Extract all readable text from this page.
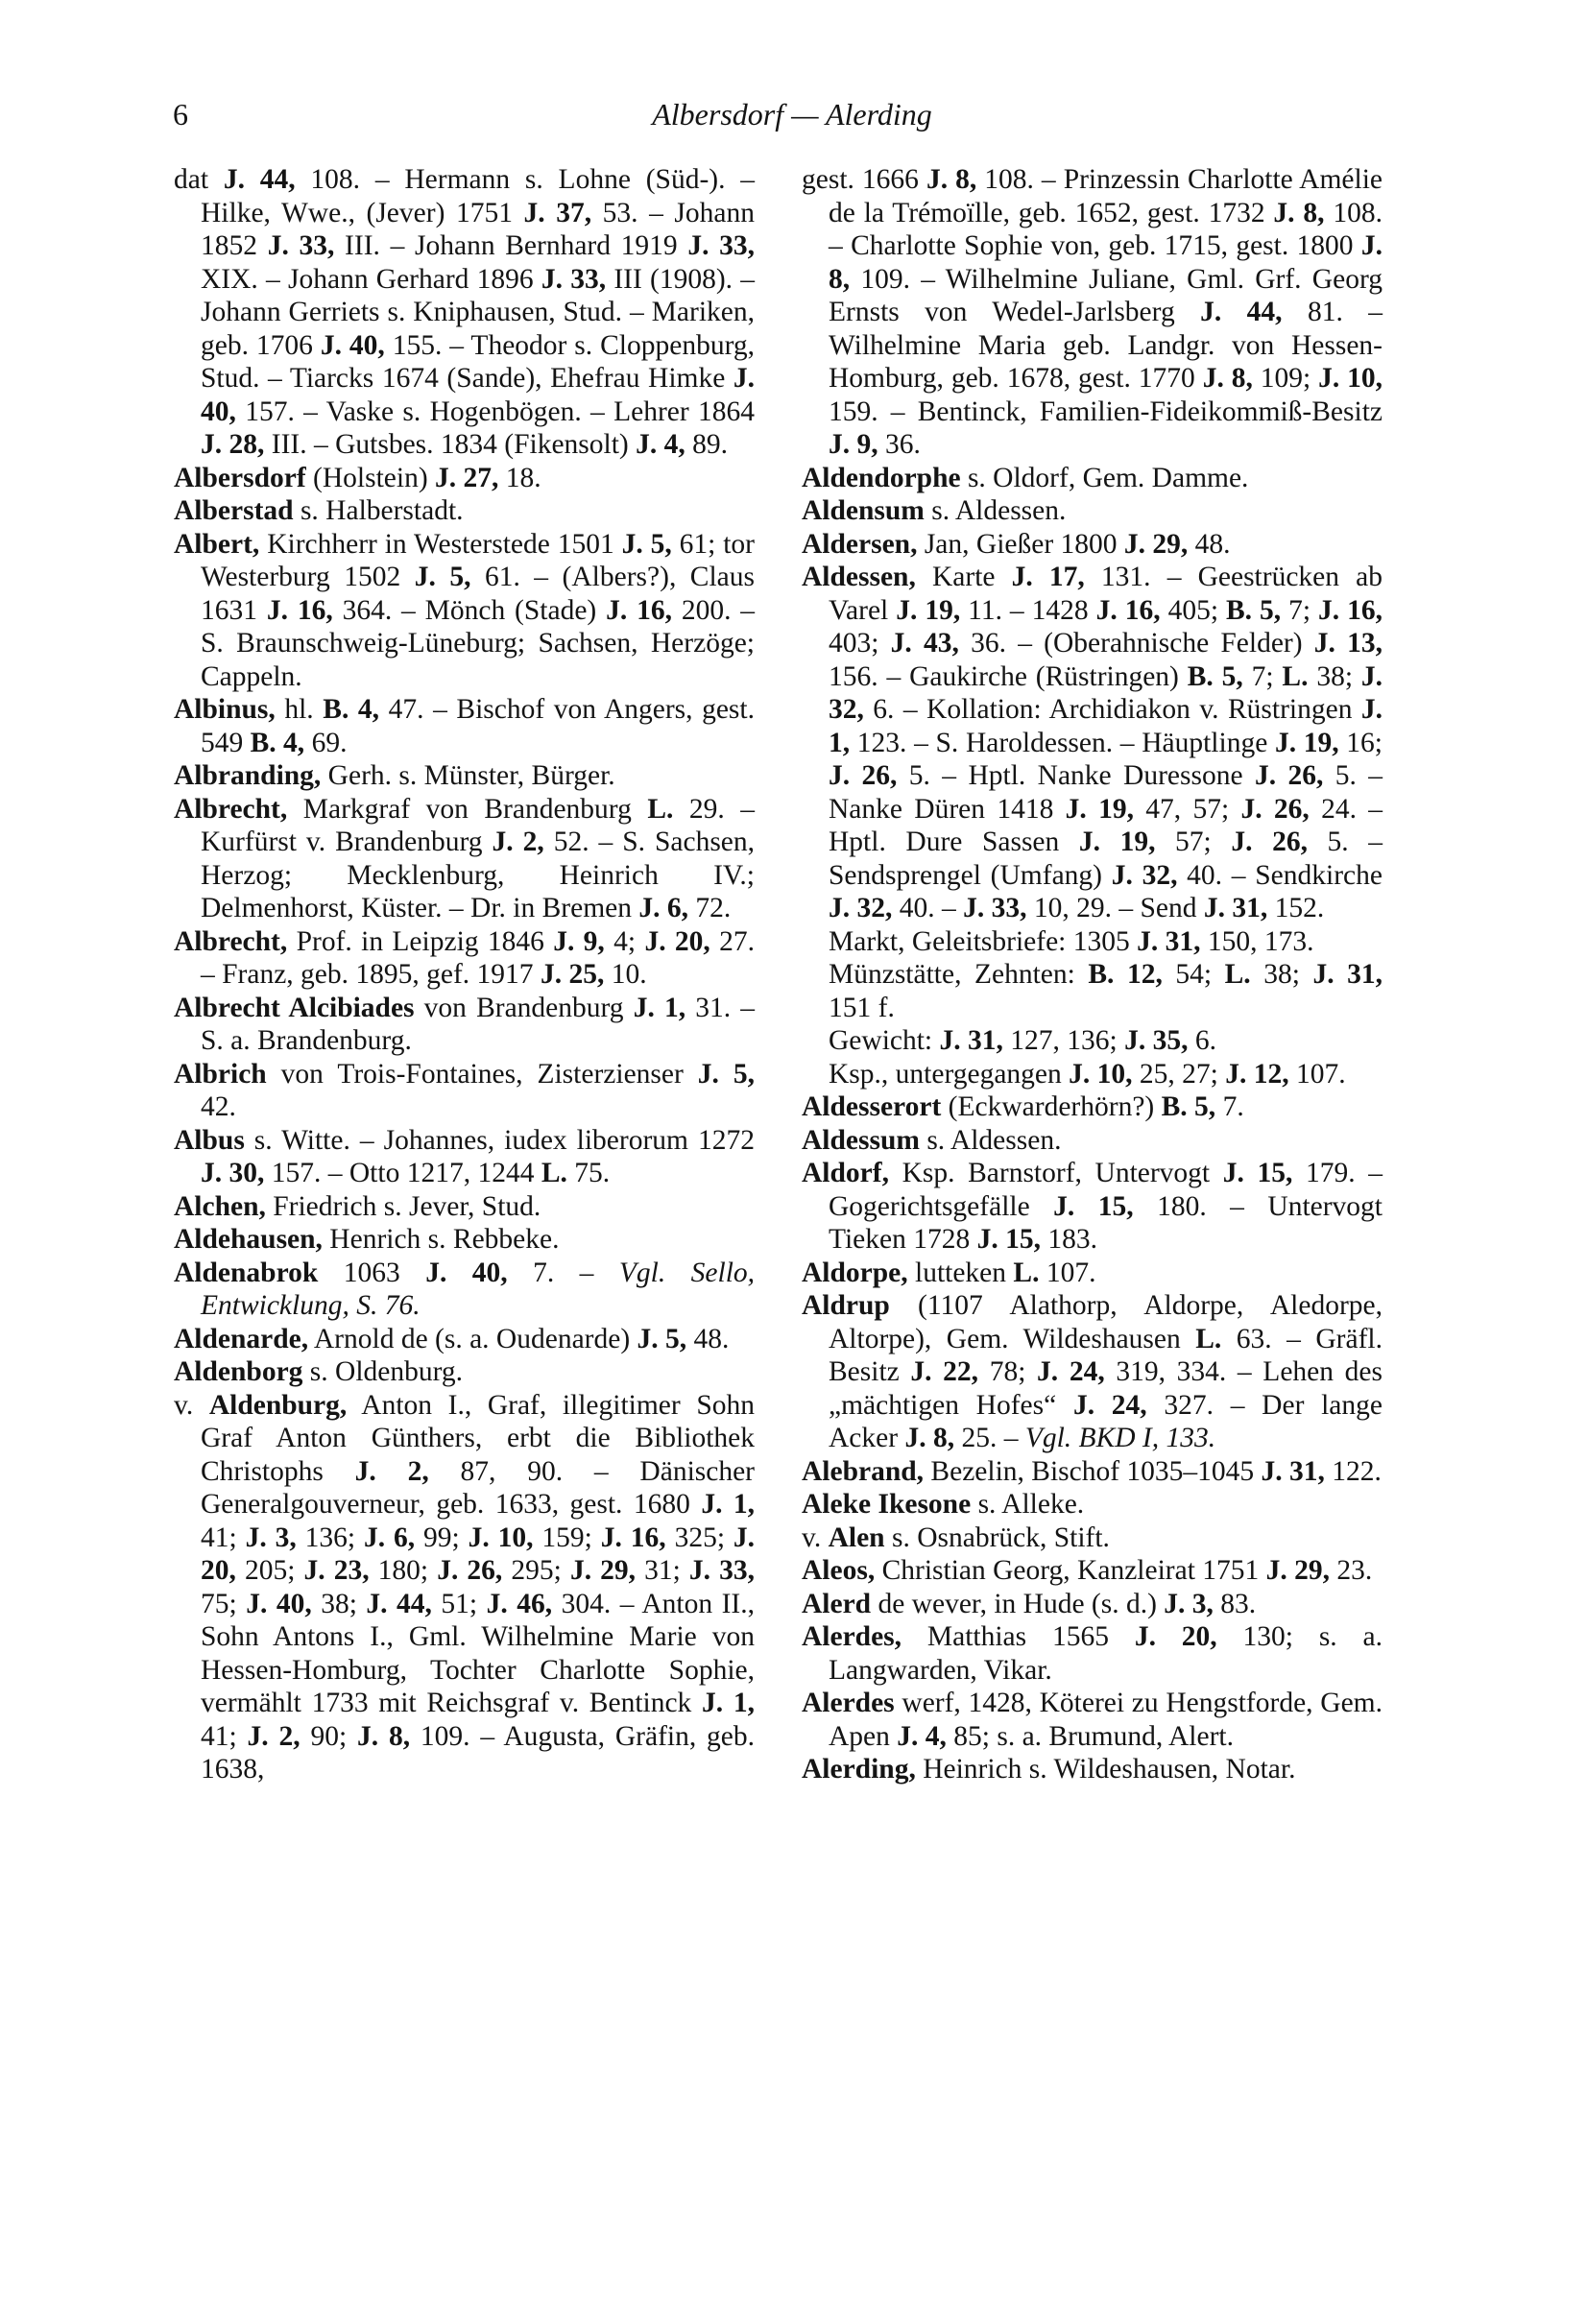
6	Albersdorf — Alerding
dat J. 44, 108. – Hermann s. Lohne (Süd-). – Hilke, Wwe., (Jever) 1751 J. 37, 53. – Johann 1852 J. 33, III. – Johann Bernhard 1919 J. 33, XIX. – Johann Gerhard 1896 J. 33, III (1908). – Johann Gerriets s. Kniphausen, Stud. – Mariken, geb. 1706 J. 40, 155. – Theodor s. Cloppenburg, Stud. – Tiarcks 1674 (Sande), Ehefrau Himke J. 40, 157. – Vaske s. Hogenbögen. – Lehrer 1864 J. 28, III. – Gutsbes. 1834 (Fikensolt) J. 4, 89.
Albersdorf (Holstein) J. 27, 18.
Alberstad s. Halberstadt.
Albert, Kirchherr in Westerstede 1501 J. 5, 61; tor Westerburg 1502 J. 5, 61. – (Albers?), Claus 1631 J. 16, 364. – Mönch (Stade) J. 16, 200. – S. Braunschweig-Lüneburg; Sachsen, Herzöge; Cappeln.
Albinus, hl. B. 4, 47. – Bischof von Angers, gest. 549 B. 4, 69.
Albranding, Gerh. s. Münster, Bürger.
Albrecht, Markgraf von Brandenburg L. 29. – Kurfürst v. Brandenburg J. 2, 52. – S. Sachsen, Herzog; Mecklenburg, Heinrich IV.; Delmenhorst, Küster. – Dr. in Bremen J. 6, 72.
Albrecht, Prof. in Leipzig 1846 J. 9, 4; J. 20, 27. – Franz, geb. 1895, gef. 1917 J. 25, 10.
Albrecht Alcibiades von Brandenburg J. 1, 31. – S. a. Brandenburg.
Albrich von Trois-Fontaines, Zisterzienser J. 5, 42.
Albus s. Witte. – Johannes, iudex liberorum 1272 J. 30, 157. – Otto 1217, 1244 L. 75.
Alchen, Friedrich s. Jever, Stud.
Aldehausen, Henrich s. Rebbeke.
Aldenabrok 1063 J. 40, 7. – Vgl. Sello, Entwicklung, S. 76.
Aldenarde, Arnold de (s. a. Oudenarde) J. 5, 48.
Aldenborg s. Oldenburg.
v. Aldenburg, Anton I., Graf, illegitimer Sohn Graf Anton Günthers, erbt die Bibliothek Christophs J. 2, 87, 90. – Dänischer Generalgouverneur, geb. 1633, gest. 1680 J. 1, 41; J. 3, 136; J. 6, 99; J. 10, 159; J. 16, 325; J. 20, 205; J. 23, 180; J. 26, 295; J. 29, 31; J. 33, 75; J. 40, 38; J. 44, 51; J. 46, 304. – Anton II., Sohn Antons I., Gml. Wilhelmine Marie von Hessen-Homburg, Tochter Charlotte Sophie, vermählt 1733 mit Reichsgraf v. Bentinck J. 1, 41; J. 2, 90; J. 8, 109. – Augusta, Gräfin, geb. 1638,
gest. 1666 J. 8, 108. – Prinzessin Charlotte Amélie de la Trémoïlle, geb. 1652, gest. 1732 J. 8, 108. – Charlotte Sophie von, geb. 1715, gest. 1800 J. 8, 109. – Wilhelmine Juliane, Gml. Grf. Georg Ernsts von Wedel-Jarlsberg J. 44, 81. – Wilhelmine Maria geb. Landgr. von Hessen-Homburg, geb. 1678, gest. 1770 J. 8, 109; J. 10, 159. – Bentinck, Familien-Fideikommiß-Besitz J. 9, 36.
Aldendorphe s. Oldorf, Gem. Damme.
Aldensum s. Aldessen.
Aldersen, Jan, Gießer 1800 J. 29, 48.
Aldessen, Karte J. 17, 131. – Geestrücken ab Varel J. 19, 11. – 1428 J. 16, 405; B. 5, 7; J. 16, 403; J. 43, 36. – (Oberahnische Felder) J. 13, 156. – Gaukirche (Rüstringen) B. 5, 7; L. 38; J. 32, 6. – Kollation: Archidiakon v. Rüstringen J. 1, 123. – S. Haroldessen. – Häuptlinge J. 19, 16; J. 26, 5. – Hptl. Nanke Duressone J. 26, 5. – Nanke Düren 1418 J. 19, 47, 57; J. 26, 24. – Hptl. Dure Sassen J. 19, 57; J. 26, 5. – Sendsprengel (Umfang) J. 32, 40. – Sendkirche J. 32, 40. – J. 33, 10, 29. – Send J. 31, 152.
Markt, Geleitsbriefe: 1305 J. 31, 150, 173.
Münzstätte, Zehnten: B. 12, 54; L. 38; J. 31, 151 f.
Gewicht: J. 31, 127, 136; J. 35, 6.
Ksp., untergegangen J. 10, 25, 27; J. 12, 107.
Aldesserort (Eckwarderhörn?) B. 5, 7.
Aldessum s. Aldessen.
Aldorf, Ksp. Barnstorf, Untervogt J. 15, 179. – Gogerichtsgefälle J. 15, 180. – Untervogt Tieken 1728 J. 15, 183.
Aldorpe, lutteken L. 107.
Aldrup (1107 Alathorp, Aldorpe, Aledorpe, Altorpe), Gem. Wildeshausen L. 63. – Gräfl. Besitz J. 22, 78; J. 24, 319, 334. – Lehen des „mächtigen Hofes“ J. 24, 327. – Der lange Acker J. 8, 25. – Vgl. BKD I, 133.
Alebrand, Bezelin, Bischof 1035–1045 J. 31, 122.
Aleke Ikesone s. Alleke.
v. Alen s. Osnabrück, Stift.
Aleos, Christian Georg, Kanzleirat 1751 J. 29, 23.
Alerd de wever, in Hude (s. d.) J. 3, 83.
Alerdes, Matthias 1565 J. 20, 130; s. a. Langwarden, Vikar.
Alerdes werf, 1428, Köterei zu Hengstforde, Gem. Apen J. 4, 85; s. a. Brumund, Alert.
Alerding, Heinrich s. Wildeshausen, Notar.
